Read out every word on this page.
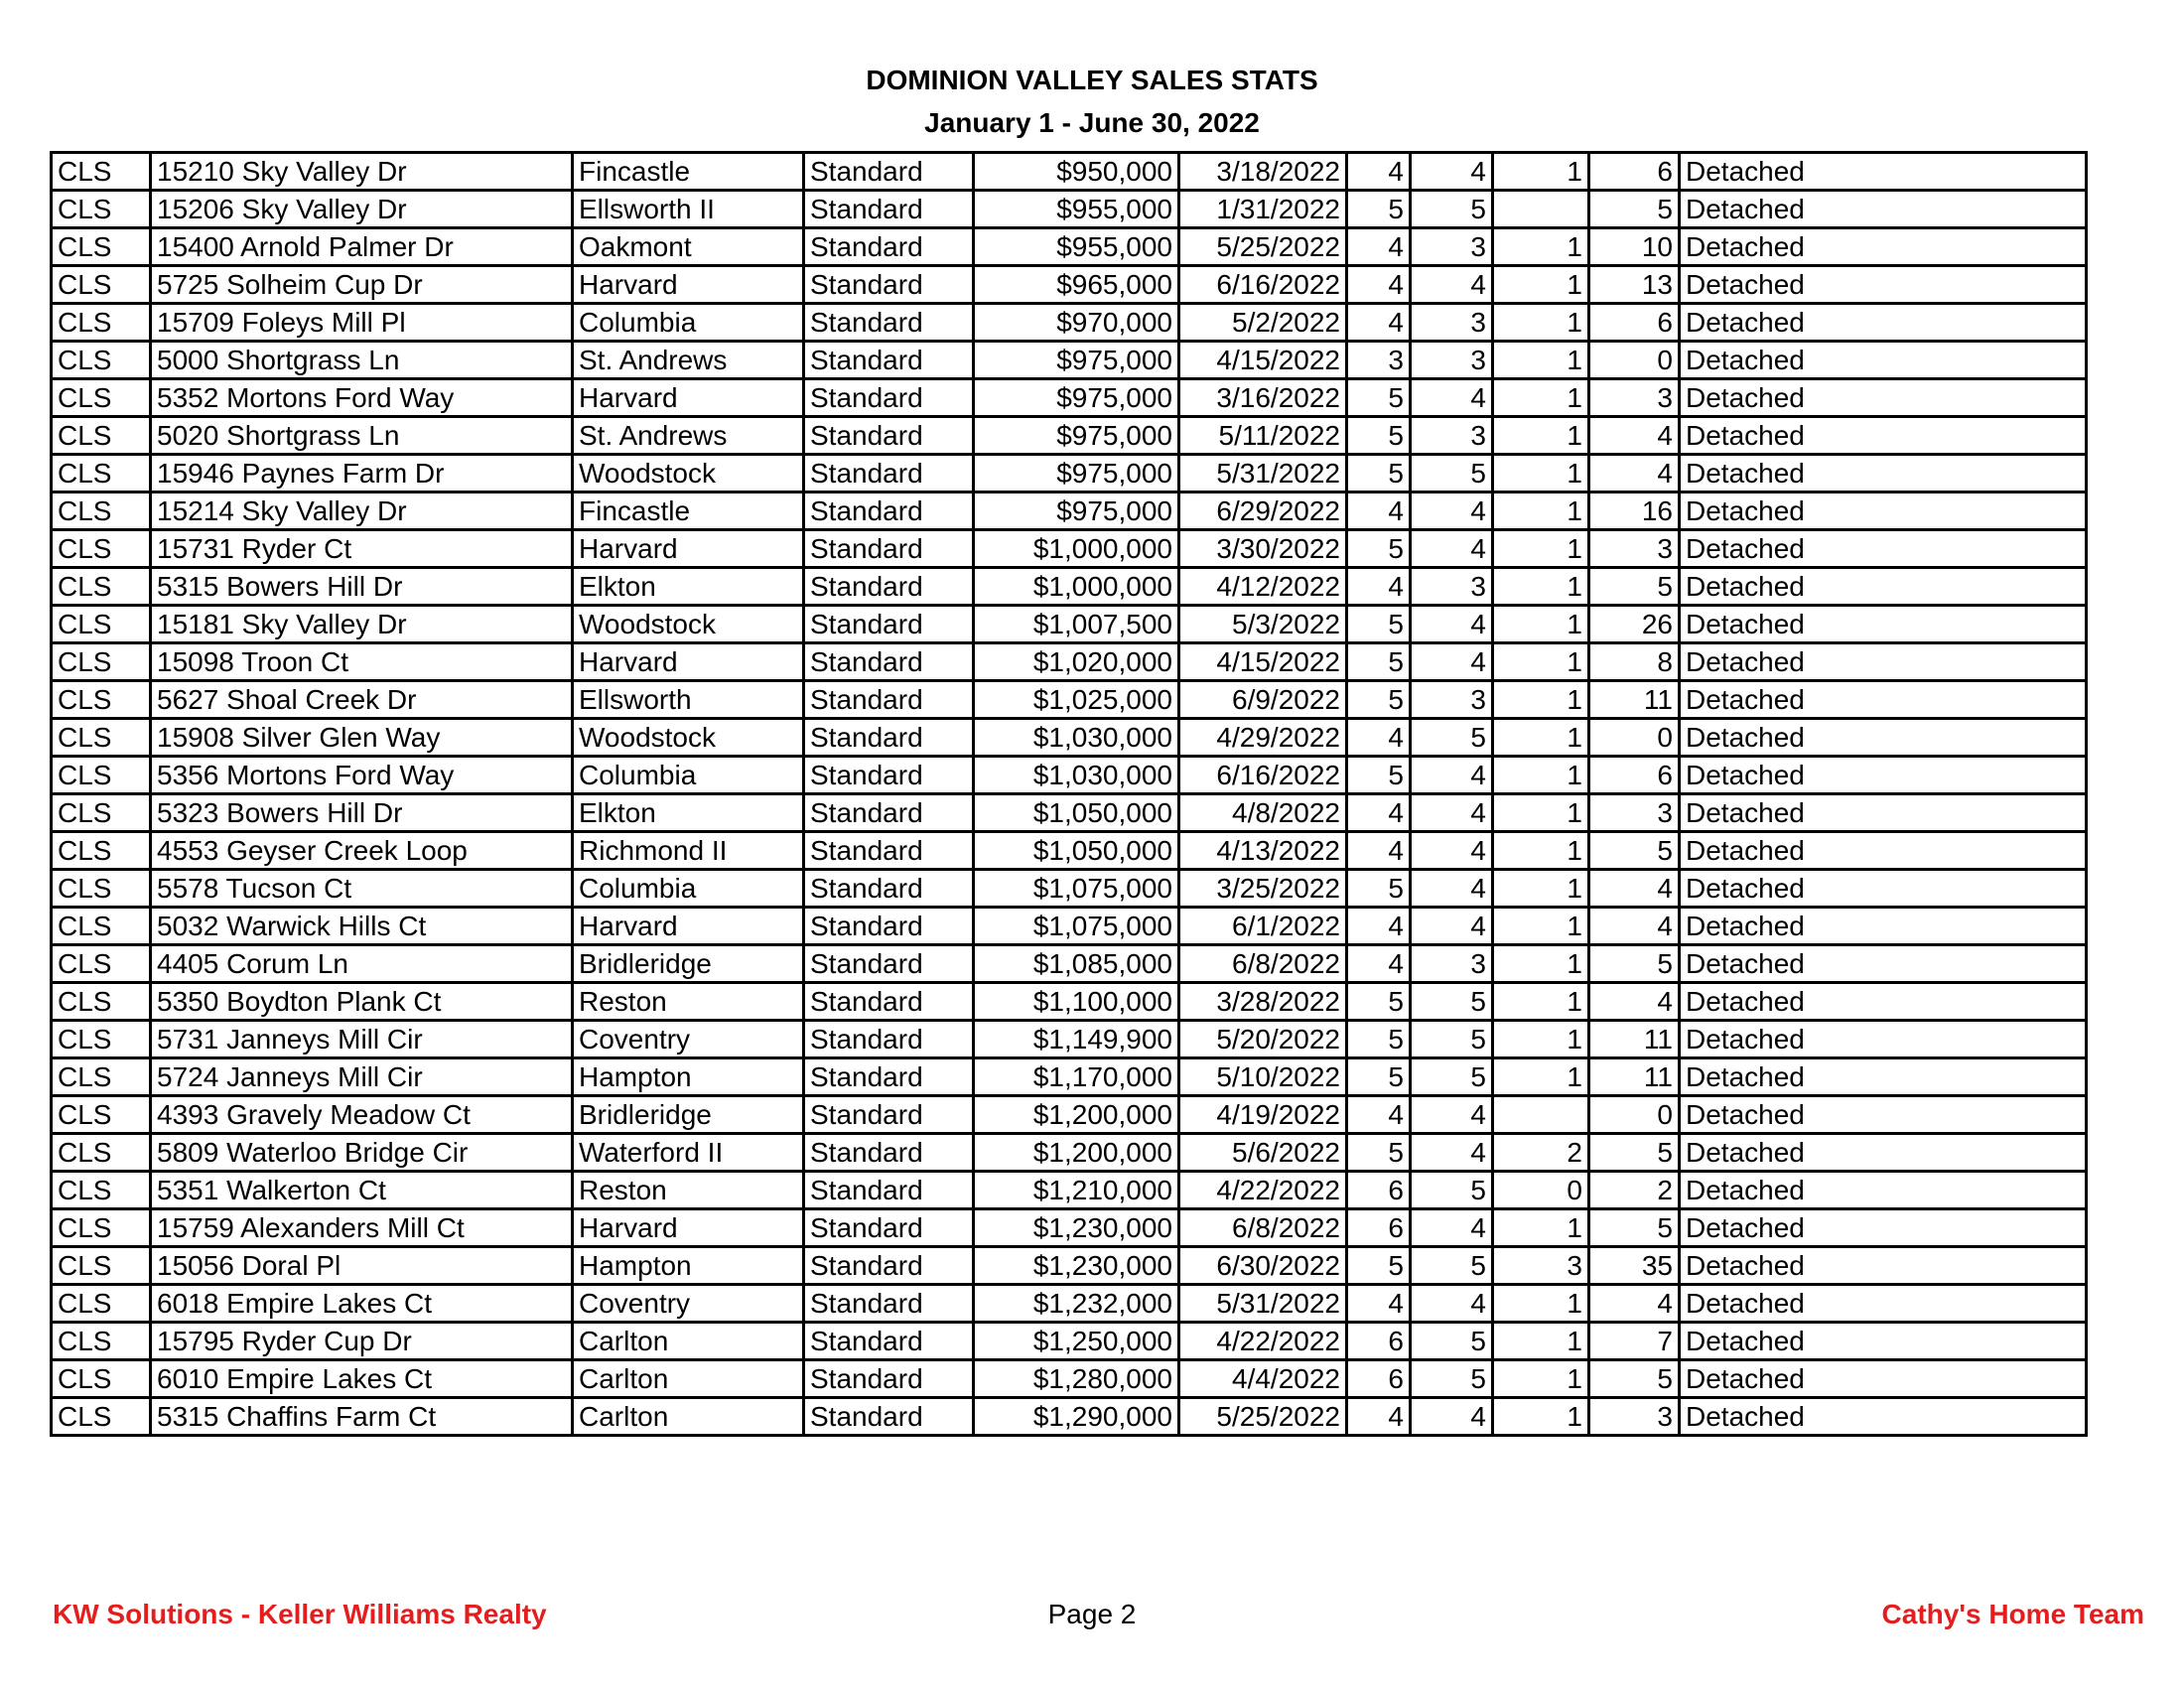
DOMINION VALLEY SALES STATS
January 1 - June 30, 2022
CLS	15210 Sky Valley Dr	Fincastle	Standard	$950,000	3/18/2022	4	4	1	6	Detached
CLS	15206 Sky Valley Dr	Ellsworth II	Standard	$955,000	1/31/2022	5	5		5	Detached
CLS	15400 Arnold Palmer Dr	Oakmont	Standard	$955,000	5/25/2022	4	3	1	10	Detached
CLS	5725 Solheim Cup Dr	Harvard	Standard	$965,000	6/16/2022	4	4	1	13	Detached
CLS	15709 Foleys Mill Pl	Columbia	Standard	$970,000	5/2/2022	4	3	1	6	Detached
CLS	5000 Shortgrass Ln	St. Andrews	Standard	$975,000	4/15/2022	3	3	1	0	Detached
CLS	5352 Mortons Ford Way	Harvard	Standard	$975,000	3/16/2022	5	4	1	3	Detached
CLS	5020 Shortgrass Ln	St. Andrews	Standard	$975,000	5/11/2022	5	3	1	4	Detached
CLS	15946 Paynes Farm Dr	Woodstock	Standard	$975,000	5/31/2022	5	5	1	4	Detached
CLS	15214 Sky Valley Dr	Fincastle	Standard	$975,000	6/29/2022	4	4	1	16	Detached
CLS	15731 Ryder Ct	Harvard	Standard	$1,000,000	3/30/2022	5	4	1	3	Detached
CLS	5315 Bowers Hill Dr	Elkton	Standard	$1,000,000	4/12/2022	4	3	1	5	Detached
CLS	15181 Sky Valley Dr	Woodstock	Standard	$1,007,500	5/3/2022	5	4	1	26	Detached
CLS	15098 Troon Ct	Harvard	Standard	$1,020,000	4/15/2022	5	4	1	8	Detached
CLS	5627 Shoal Creek Dr	Ellsworth	Standard	$1,025,000	6/9/2022	5	3	1	11	Detached
CLS	15908 Silver Glen Way	Woodstock	Standard	$1,030,000	4/29/2022	4	5	1	0	Detached
CLS	5356 Mortons Ford Way	Columbia	Standard	$1,030,000	6/16/2022	5	4	1	6	Detached
CLS	5323 Bowers Hill Dr	Elkton	Standard	$1,050,000	4/8/2022	4	4	1	3	Detached
CLS	4553 Geyser Creek Loop	Richmond II	Standard	$1,050,000	4/13/2022	4	4	1	5	Detached
CLS	5578 Tucson Ct	Columbia	Standard	$1,075,000	3/25/2022	5	4	1	4	Detached
CLS	5032 Warwick Hills Ct	Harvard	Standard	$1,075,000	6/1/2022	4	4	1	4	Detached
CLS	4405 Corum Ln	Bridleridge	Standard	$1,085,000	6/8/2022	4	3	1	5	Detached
CLS	5350 Boydton Plank Ct	Reston	Standard	$1,100,000	3/28/2022	5	5	1	4	Detached
CLS	5731 Janneys Mill Cir	Coventry	Standard	$1,149,900	5/20/2022	5	5	1	11	Detached
CLS	5724 Janneys Mill Cir	Hampton	Standard	$1,170,000	5/10/2022	5	5	1	11	Detached
CLS	4393 Gravely Meadow Ct	Bridleridge	Standard	$1,200,000	4/19/2022	4	4		0	Detached
CLS	5809 Waterloo Bridge Cir	Waterford II	Standard	$1,200,000	5/6/2022	5	4	2	5	Detached
CLS	5351 Walkerton Ct	Reston	Standard	$1,210,000	4/22/2022	6	5	0	2	Detached
CLS	15759 Alexanders Mill Ct	Harvard	Standard	$1,230,000	6/8/2022	6	4	1	5	Detached
CLS	15056 Doral Pl	Hampton	Standard	$1,230,000	6/30/2022	5	5	3	35	Detached
CLS	6018 Empire Lakes Ct	Coventry	Standard	$1,232,000	5/31/2022	4	4	1	4	Detached
CLS	15795 Ryder Cup Dr	Carlton	Standard	$1,250,000	4/22/2022	6	5	1	7	Detached
CLS	6010 Empire Lakes Ct	Carlton	Standard	$1,280,000	4/4/2022	6	5	1	5	Detached
CLS	5315 Chaffins Farm Ct	Carlton	Standard	$1,290,000	5/25/2022	4	4	1	3	Detached
KW Solutions - Keller Williams Realty	Page 2	Cathy's Home Team
